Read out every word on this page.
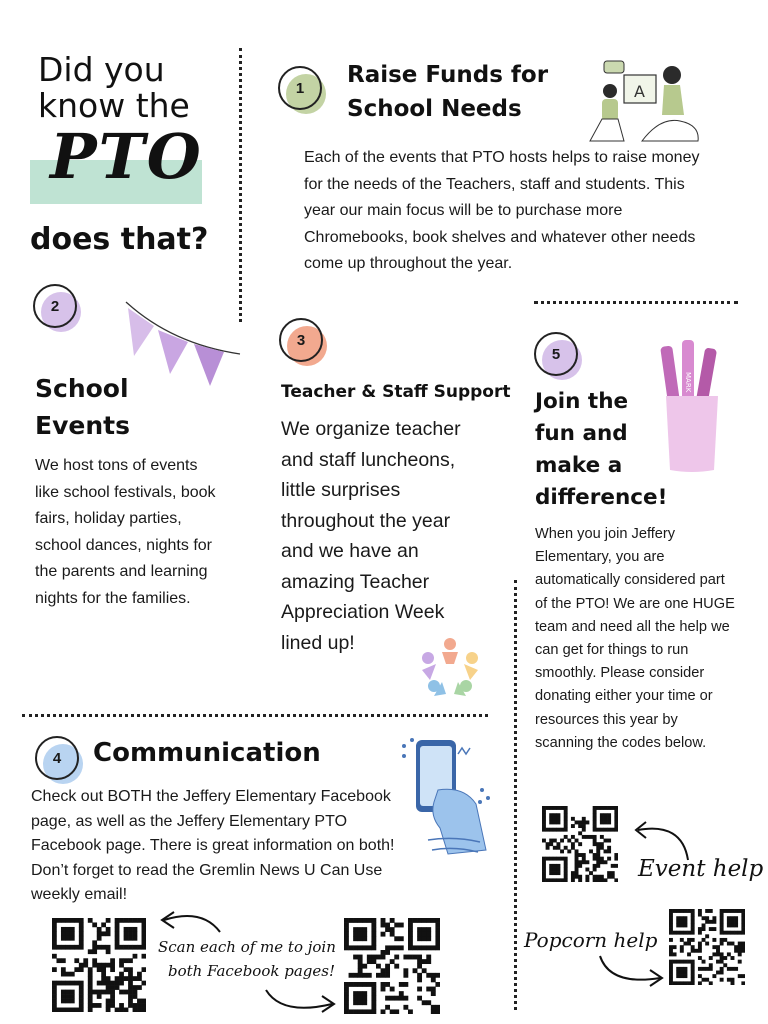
Did you
know the
PTO
does that?
1	Raise Funds for
School Needs
Each of the events that PTO hosts helps to raise money for the needs of the Teachers, staff and students. This year our main focus will be to purchase more Chromebooks, book shelves and whatever other needs come up throughout the year.
A
2
School
Events
We host tons of events like school festivals, book fairs, holiday parties, school dances, nights for the parents and learning nights for the families.
3
Teacher & Staff Support
We organize teacher and staff luncheons, little surprises throughout the year and we have an amazing Teacher Appreciation Week lined up!
5
MARK
Join the
fun and
make a
difference!
When you join Jeffery Elementary, you are automatically considered part of the PTO! We are one HUGE team and need all the help we can get for things to run smoothly. Please consider donating either your time or resources this year by scanning the codes below.
Event help
Popcorn help
4	Communication
Check out BOTH the Jeffery Elementary Facebook page, as well as the Jeffery Elementary PTO Facebook page. There is great information on both! Don’t forget to read the Gremlin News U Can Use weekly email!
Scan each of me to join
both Facebook pages!
